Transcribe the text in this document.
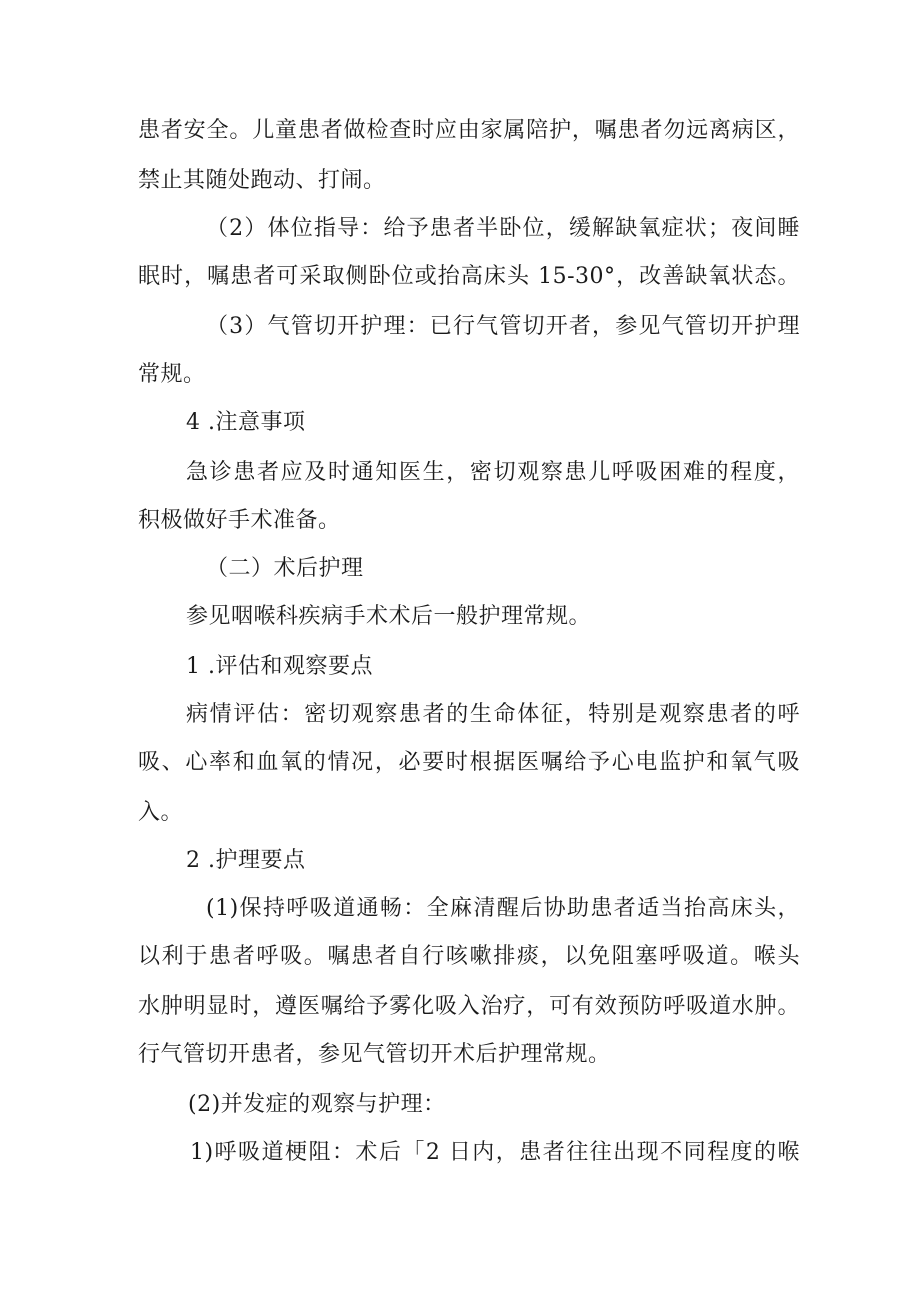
患者安全。儿童患者做检查时应由家属陪护，嘱患者勿远离病区，
禁止其随处跑动、打闹。
（2）体位指导：给予患者半卧位，缓解缺氧症状；夜间睡
眠时，嘱患者可采取侧卧位或抬高床头 15-30°，改善缺氧状态。
（3）气管切开护理：已行气管切开者，参见气管切开护理
常规。
4 .注意事项
急诊患者应及时通知医生，密切观察患儿呼吸困难的程度，
积极做好手术准备。
（二）术后护理
参见咽喉科疾病手术术后一般护理常规。
1 .评估和观察要点
病情评估：密切观察患者的生命体征，特别是观察患者的呼
吸、心率和血氧的情况，必要时根据医嘱给予心电监护和氧气吸
入。
2 .护理要点
(1)保持呼吸道通畅：全麻清醒后协助患者适当抬高床头，
以利于患者呼吸。嘱患者自行咳嗽排痰，以免阻塞呼吸道。喉头
水肿明显时，遵医嘱给予雾化吸入治疗，可有效预防呼吸道水肿。
行气管切开患者，参见气管切开术后护理常规。
(2)并发症的观察与护理：
1)呼吸道梗阻：术后「2 日内，患者往往出现不同程度的喉
